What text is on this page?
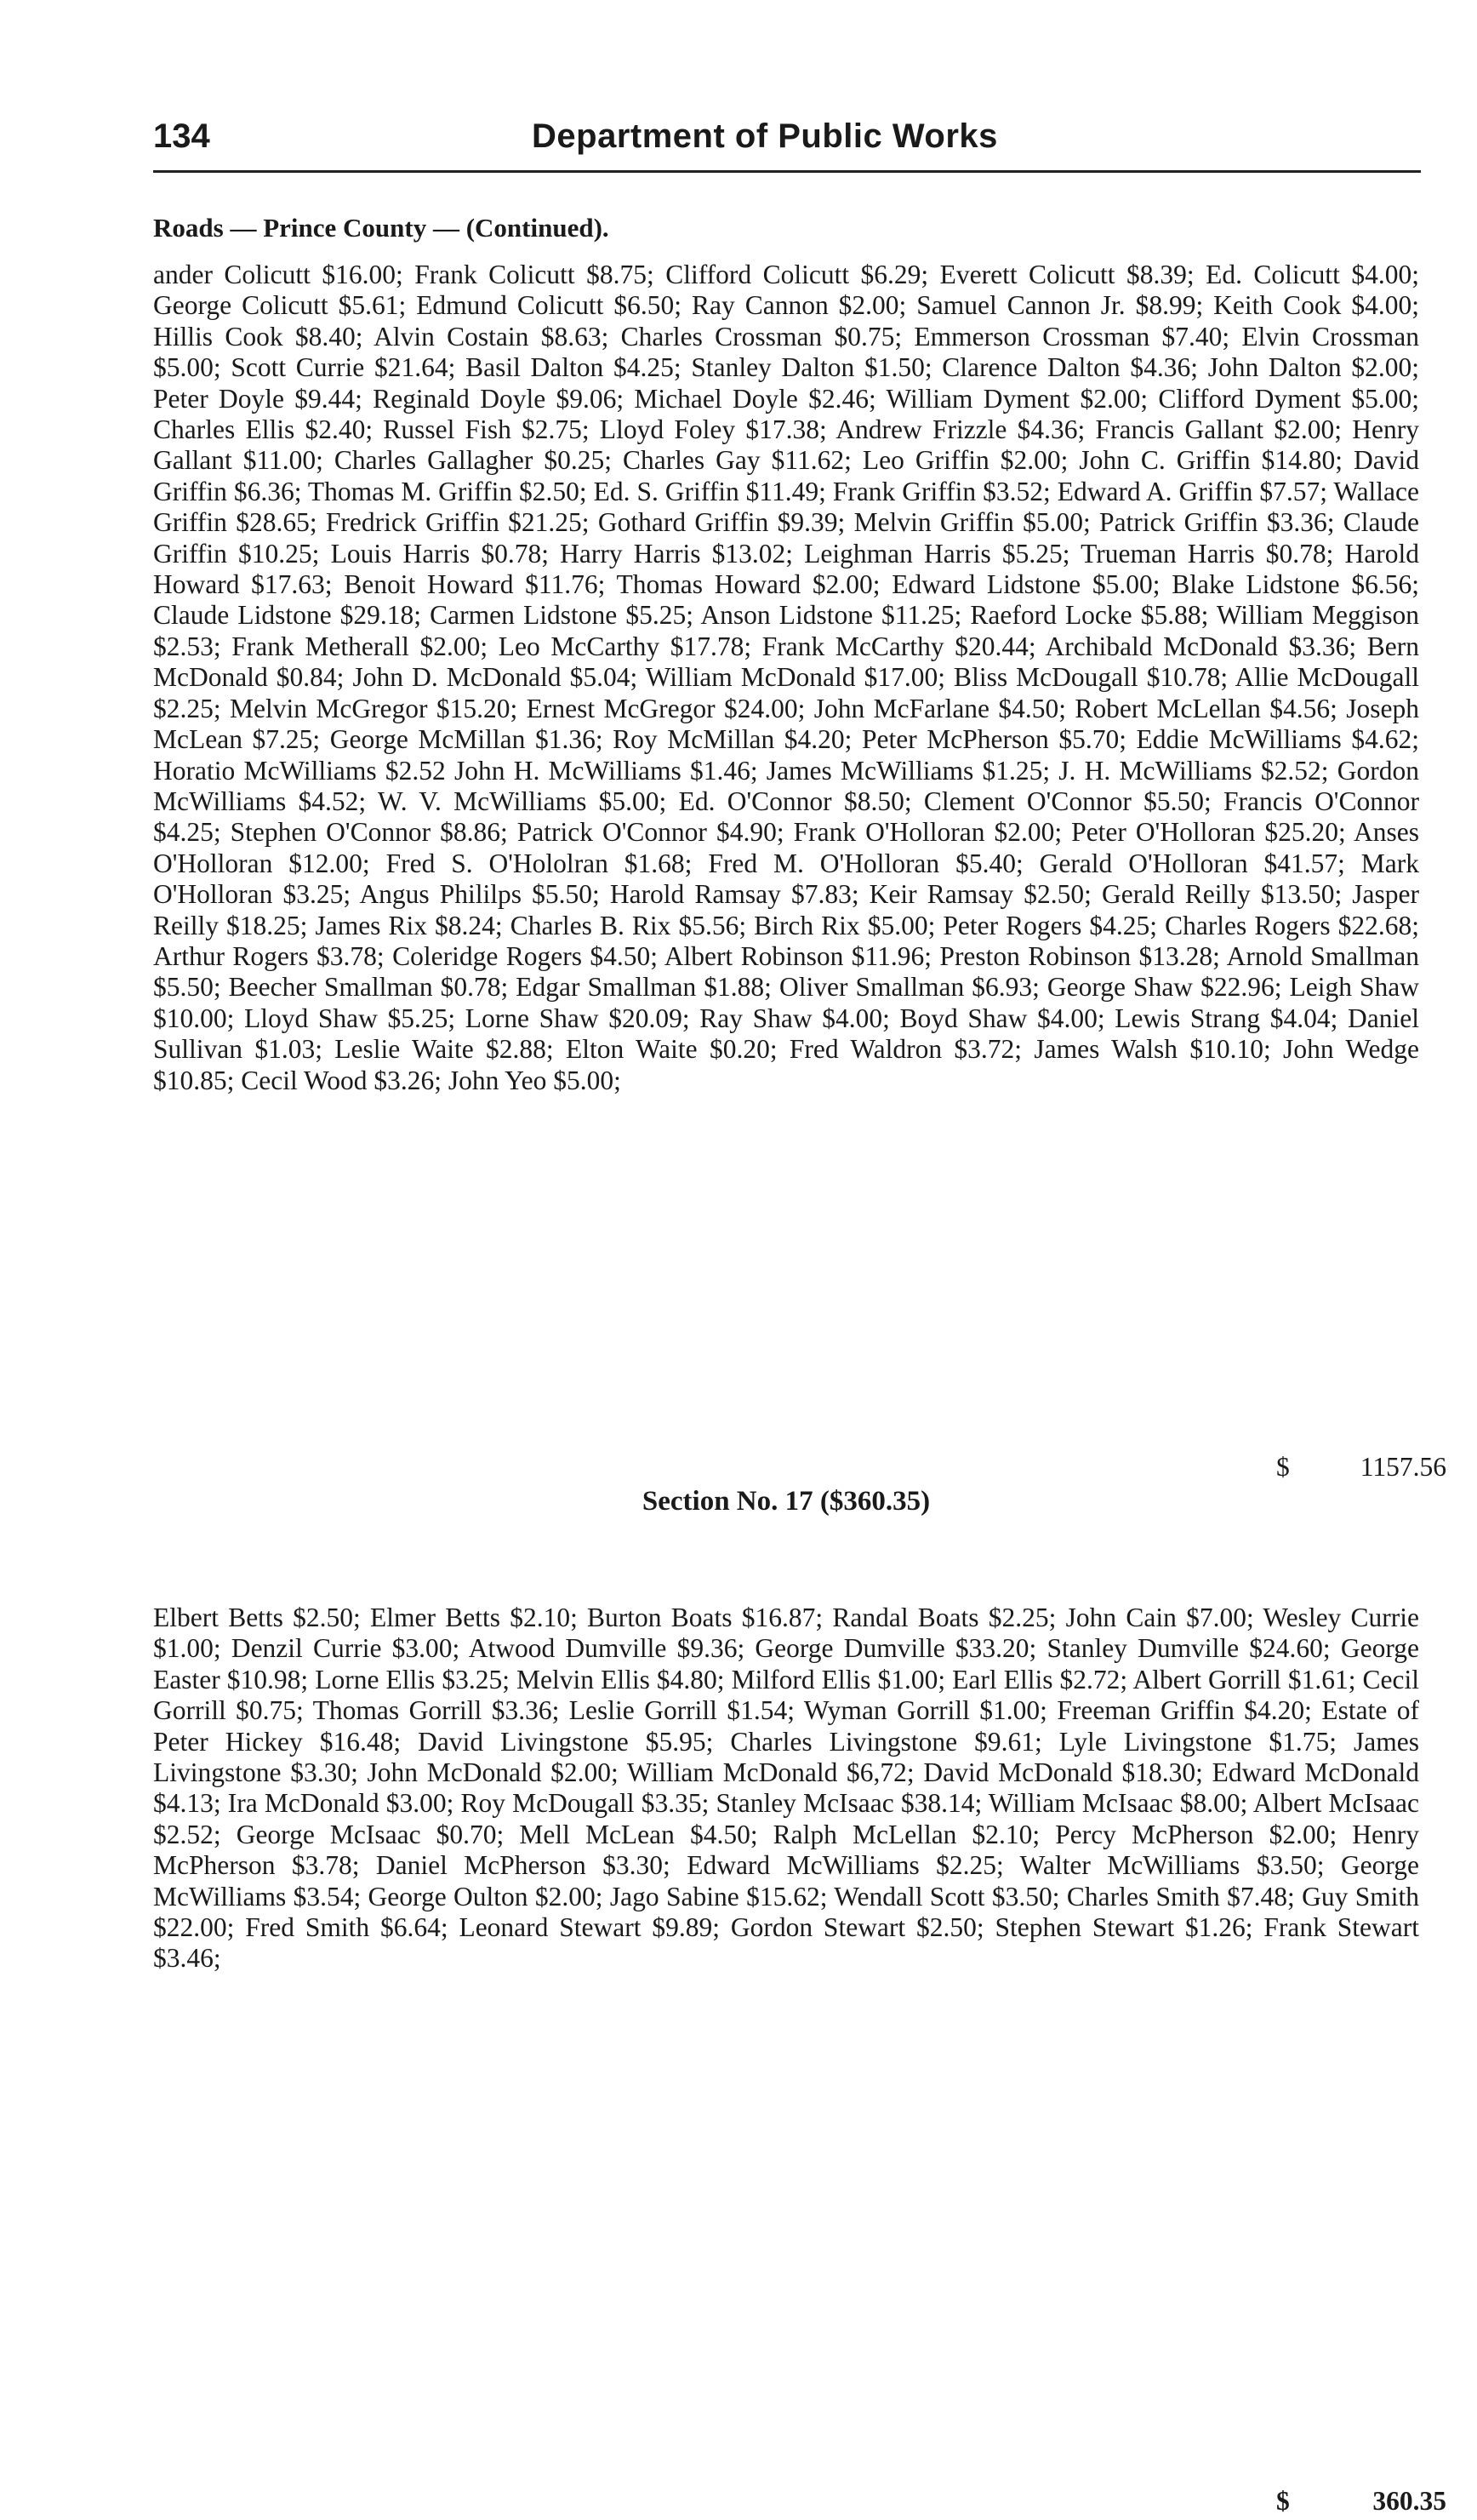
134	Department of Public Works
Roads — Prince County — (Continued).

ander Colicutt $16.00; Frank Colicutt $8.75; Clifford Colicutt $6.29; Everett Colicutt $8.39; Ed. Colicutt $4.00; George Colicutt $5.61; Edmund Colicutt $6.50; Ray Cannon $2.00; Samuel Cannon Jr. $8.99; Keith Cook $4.00; Hillis Cook $8.40; Alvin Costain $8.63; Charles Crossman $0.75; Emmerson Crossman $7.40; Elvin Crossman $5.00; Scott Currie $21.64; Basil Dalton $4.25; Stanley Dalton $1.50; Clarence Dalton $4.36; John Dalton $2.00; Peter Doyle $9.44; Reginald Doyle $9.06; Michael Doyle $2.46; William Dyment $2.00; Clifford Dyment $5.00; Charles Ellis $2.40; Russel Fish $2.75; Lloyd Foley $17.38; Andrew Frizzle $4.36; Francis Gallant $2.00; Henry Gallant $11.00; Charles Gallagher $0.25; Charles Gay $11.62; Leo Griffin $2.00; John C. Griffin $14.80; David Griffin $6.36; Thomas M. Griffin $2.50; Ed. S. Griffin $11.49; Frank Griffin $3.52; Edward A. Griffin $7.57; Wallace Griffin $28.65; Fredrick Griffin $21.25; Gothard Griffin $9.39; Melvin Griffin $5.00; Patrick Griffin $3.36; Claude Griffin $10.25; Louis Harris $0.78; Harry Harris $13.02; Leighman Harris $5.25; Trueman Harris $0.78; Harold Howard $17.63; Benoit Howard $11.76; Thomas Howard $2.00; Edward Lidstone $5.00; Blake Lidstone $6.56; Claude Lidstone $29.18; Carmen Lidstone $5.25; Anson Lidstone $11.25; Raeford Locke $5.88; William Meggison $2.53; Frank Metherall $2.00; Leo McCarthy $17.78; Frank McCarthy $20.44; Archibald McDonald $3.36; Bern McDonald $0.84; John D. McDonald $5.04; William McDonald $17.00; Bliss McDougall $10.78; Allie McDougall $2.25; Melvin McGregor $15.20; Ernest McGregor $24.00; John McFarlane $4.50; Robert McLellan $4.56; Joseph McLean $7.25; George McMillan $1.36; Roy McMillan $4.20; Peter McPherson $5.70; Eddie McWilliams $4.62; Horatio McWilliams $2.52 John H. McWilliams $1.46; James McWilliams $1.25; J. H. McWilliams $2.52; Gordon McWilliams $4.52; W. V. McWilliams $5.00; Ed. O'Connor $8.50; Clement O'Connor $5.50; Francis O'Connor $4.25; Stephen O'Connor $8.86; Patrick O'Connor $4.90; Frank O'Holloran $2.00; Peter O'Holloran $25.20; Anses O'Holloran $12.00; Fred S. O'Hololran $1.68; Fred M. O'Holloran $5.40; Gerald O'Holloran $41.57; Mark O'Holloran $3.25; Angus Phililps $5.50; Harold Ramsay $7.83; Keir Ramsay $2.50; Gerald Reilly $13.50; Jasper Reilly $18.25; James Rix $8.24; Charles B. Rix $5.56; Birch Rix $5.00; Peter Rogers $4.25; Charles Rogers $22.68; Arthur Rogers $3.78; Coleridge Rogers $4.50; Albert Robinson $11.96; Preston Robinson $13.28; Arnold Smallman $5.50; Beecher Smallman $0.78; Edgar Smallman $1.88; Oliver Smallman $6.93; George Shaw $22.96; Leigh Shaw $10.00; Lloyd Shaw $5.25; Lorne Shaw $20.09; Ray Shaw $4.00; Boyd Shaw $4.00; Lewis Strang $4.04; Daniel Sullivan $1.03; Leslie Waite $2.88; Elton Waite $0.20; Fred Waldron $3.72; James Walsh $10.10; John Wedge $10.85; Cecil Wood $3.26; John Yeo $5.00;

$	1157.56
Section No. 17 ($360.35)

Elbert Betts $2.50; Elmer Betts $2.10; Burton Boats $16.87; Randal Boats $2.25; John Cain $7.00; Wesley Currie $1.00; Denzil Currie $3.00; Atwood Dumville $9.36; George Dumville $33.20; Stanley Dumville $24.60; George Easter $10.98; Lorne Ellis $3.25; Melvin Ellis $4.80; Milford Ellis $1.00; Earl Ellis $2.72; Albert Gorrill $1.61; Cecil Gorrill $0.75; Thomas Gorrill $3.36; Leslie Gorrill $1.54; Wyman Gorrill $1.00; Freeman Griffin $4.20; Estate of Peter Hickey $16.48; David Livingstone $5.95; Charles Livingstone $9.61; Lyle Livingstone $1.75; James Livingstone $3.30; John McDonald $2.00; William McDonald $6,72; David McDonald $18.30; Edward McDonald $4.13; Ira McDonald $3.00; Roy McDougall $3.35; Stanley McIsaac $38.14; William McIsaac $8.00; Albert McIsaac $2.52; George McIsaac $0.70; Mell McLean $4.50; Ralph McLellan $2.10; Percy McPherson $2.00; Henry McPherson $3.78; Daniel McPherson $3.30; Edward McWilliams $2.25; Walter McWilliams $3.50; George McWilliams $3.54; George Oulton $2.00; Jago Sabine $15.62; Wendall Scott $3.50; Charles Smith $7.48; Guy Smith $22.00; Fred Smith $6.64; Leonard Stewart $9.89; Gordon Stewart $2.50; Stephen Stewart $1.26; Frank Stewart $3.46;

$	360.35
